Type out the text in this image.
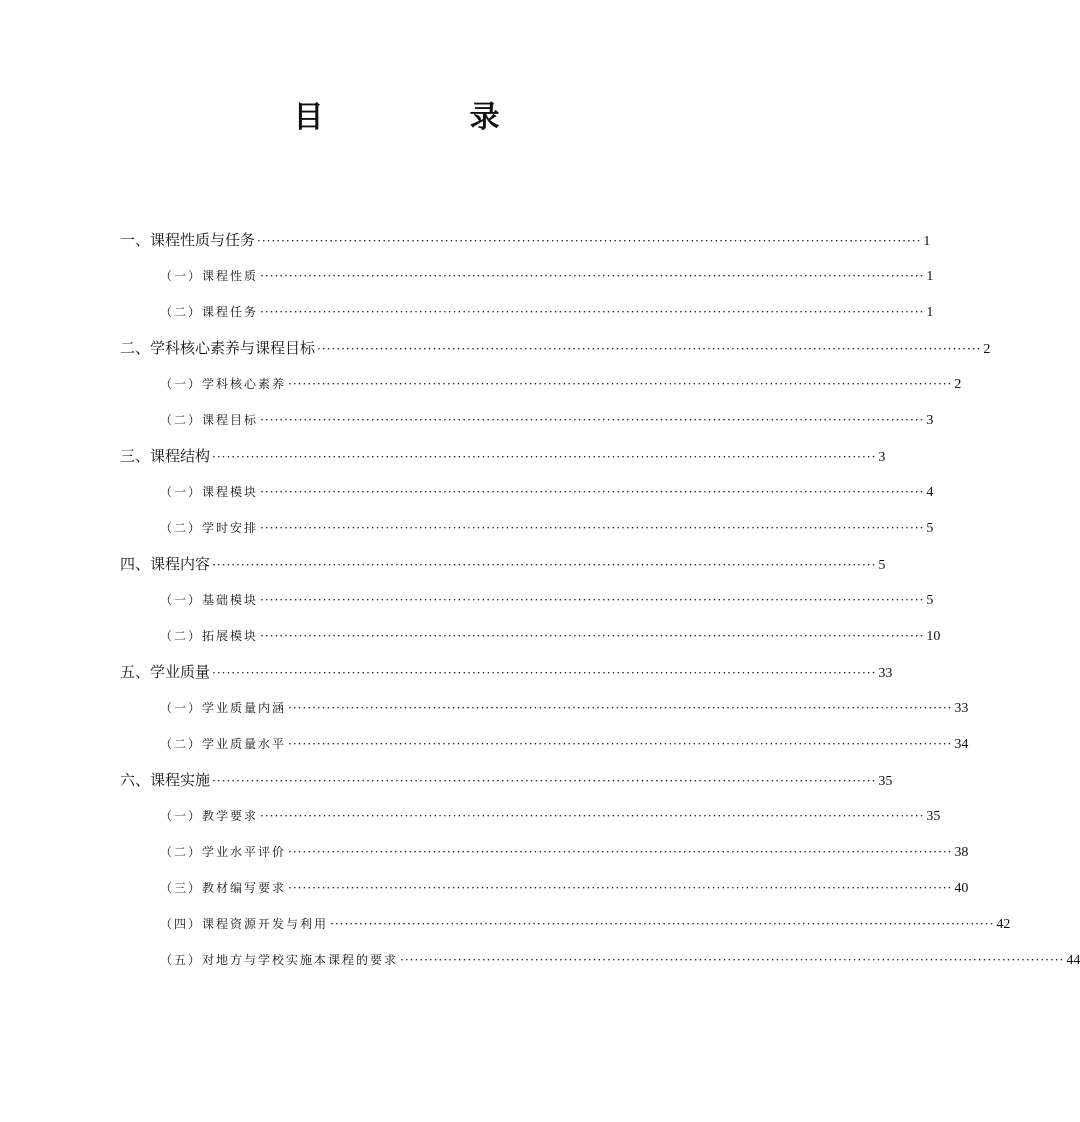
目　录
一、课程性质与任务 ·········································································································································· 1
（一）课程性质 ·········································································································································· 1
（二）课程任务 ·········································································································································· 1
二、学科核心素养与课程目标 ·········································································································································· 2
（一）学科核心素养 ·········································································································································· 2
（二）课程目标 ·········································································································································· 3
三、课程结构 ·········································································································································· 3
（一）课程模块 ·········································································································································· 4
（二）学时安排 ·········································································································································· 5
四、课程内容 ·········································································································································· 5
（一）基础模块 ·········································································································································· 5
（二）拓展模块 ·········································································································································· 10
五、学业质量 ·········································································································································· 33
（一）学业质量内涵 ·········································································································································· 33
（二）学业质量水平 ·········································································································································· 34
六、课程实施 ·········································································································································· 35
（一）教学要求 ·········································································································································· 35
（二）学业水平评价 ·········································································································································· 38
（三）教材编写要求 ·········································································································································· 40
（四）课程资源开发与利用 ·········································································································································· 42
（五）对地方与学校实施本课程的要求 ·········································································································································· 44
